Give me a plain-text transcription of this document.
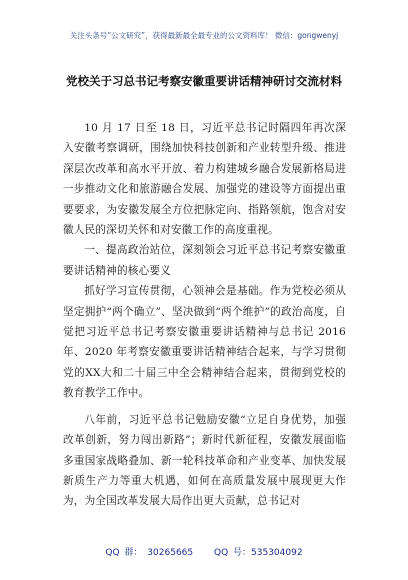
关注头条号“公文研究”，获得最新最全最专业的公文资料库！ 微信：gongwenyj
党校关于习总书记考察安徽重要讲话精神研讨交流材料

10 月 17 日至 18 日，习近平总书记时隔四年再次深入安徽考察调研，围绕加快科技创新和产业转型升级、推进深层次改革和高水平开放、着力构建城乡融合发展新格局进一步推动文化和旅游融合发展、加强党的建设等方面提出重要要求，为安徽发展全方位把脉定向、指路领航，饱含对安徽人民的深切关怀和对安徽工作的高度重视。

一、提高政治站位，深刻领会习近平总书记考察安徽重要讲话精神的核心要义

抓好学习宣传贯彻，心领神会是基础。作为党校必须从坚定拥护“两个确立”、坚决做到“两个维护”的政治高度，自觉把习近平总书记考察安徽重要讲话精神与总书记 2016 年、2020 年考察安徽重要讲话精神结合起来，与学习贯彻党的XX大和二十届三中全会精神结合起来，贯彻到党校的教育教学工作中。

八年前，习近平总书记勉励安徽“立足自身优势，加强改革创新，努力闯出新路”；新时代新征程，安徽发展面临多重国家战略叠加、新一轮科技革命和产业变革、加快发展新质生产力等重大机遇，如何在高质量发展中展现更大作为，为全国改革发展大局作出更大贡献，总书记对

QQ 群： 30265665 QQ 号：535304092
